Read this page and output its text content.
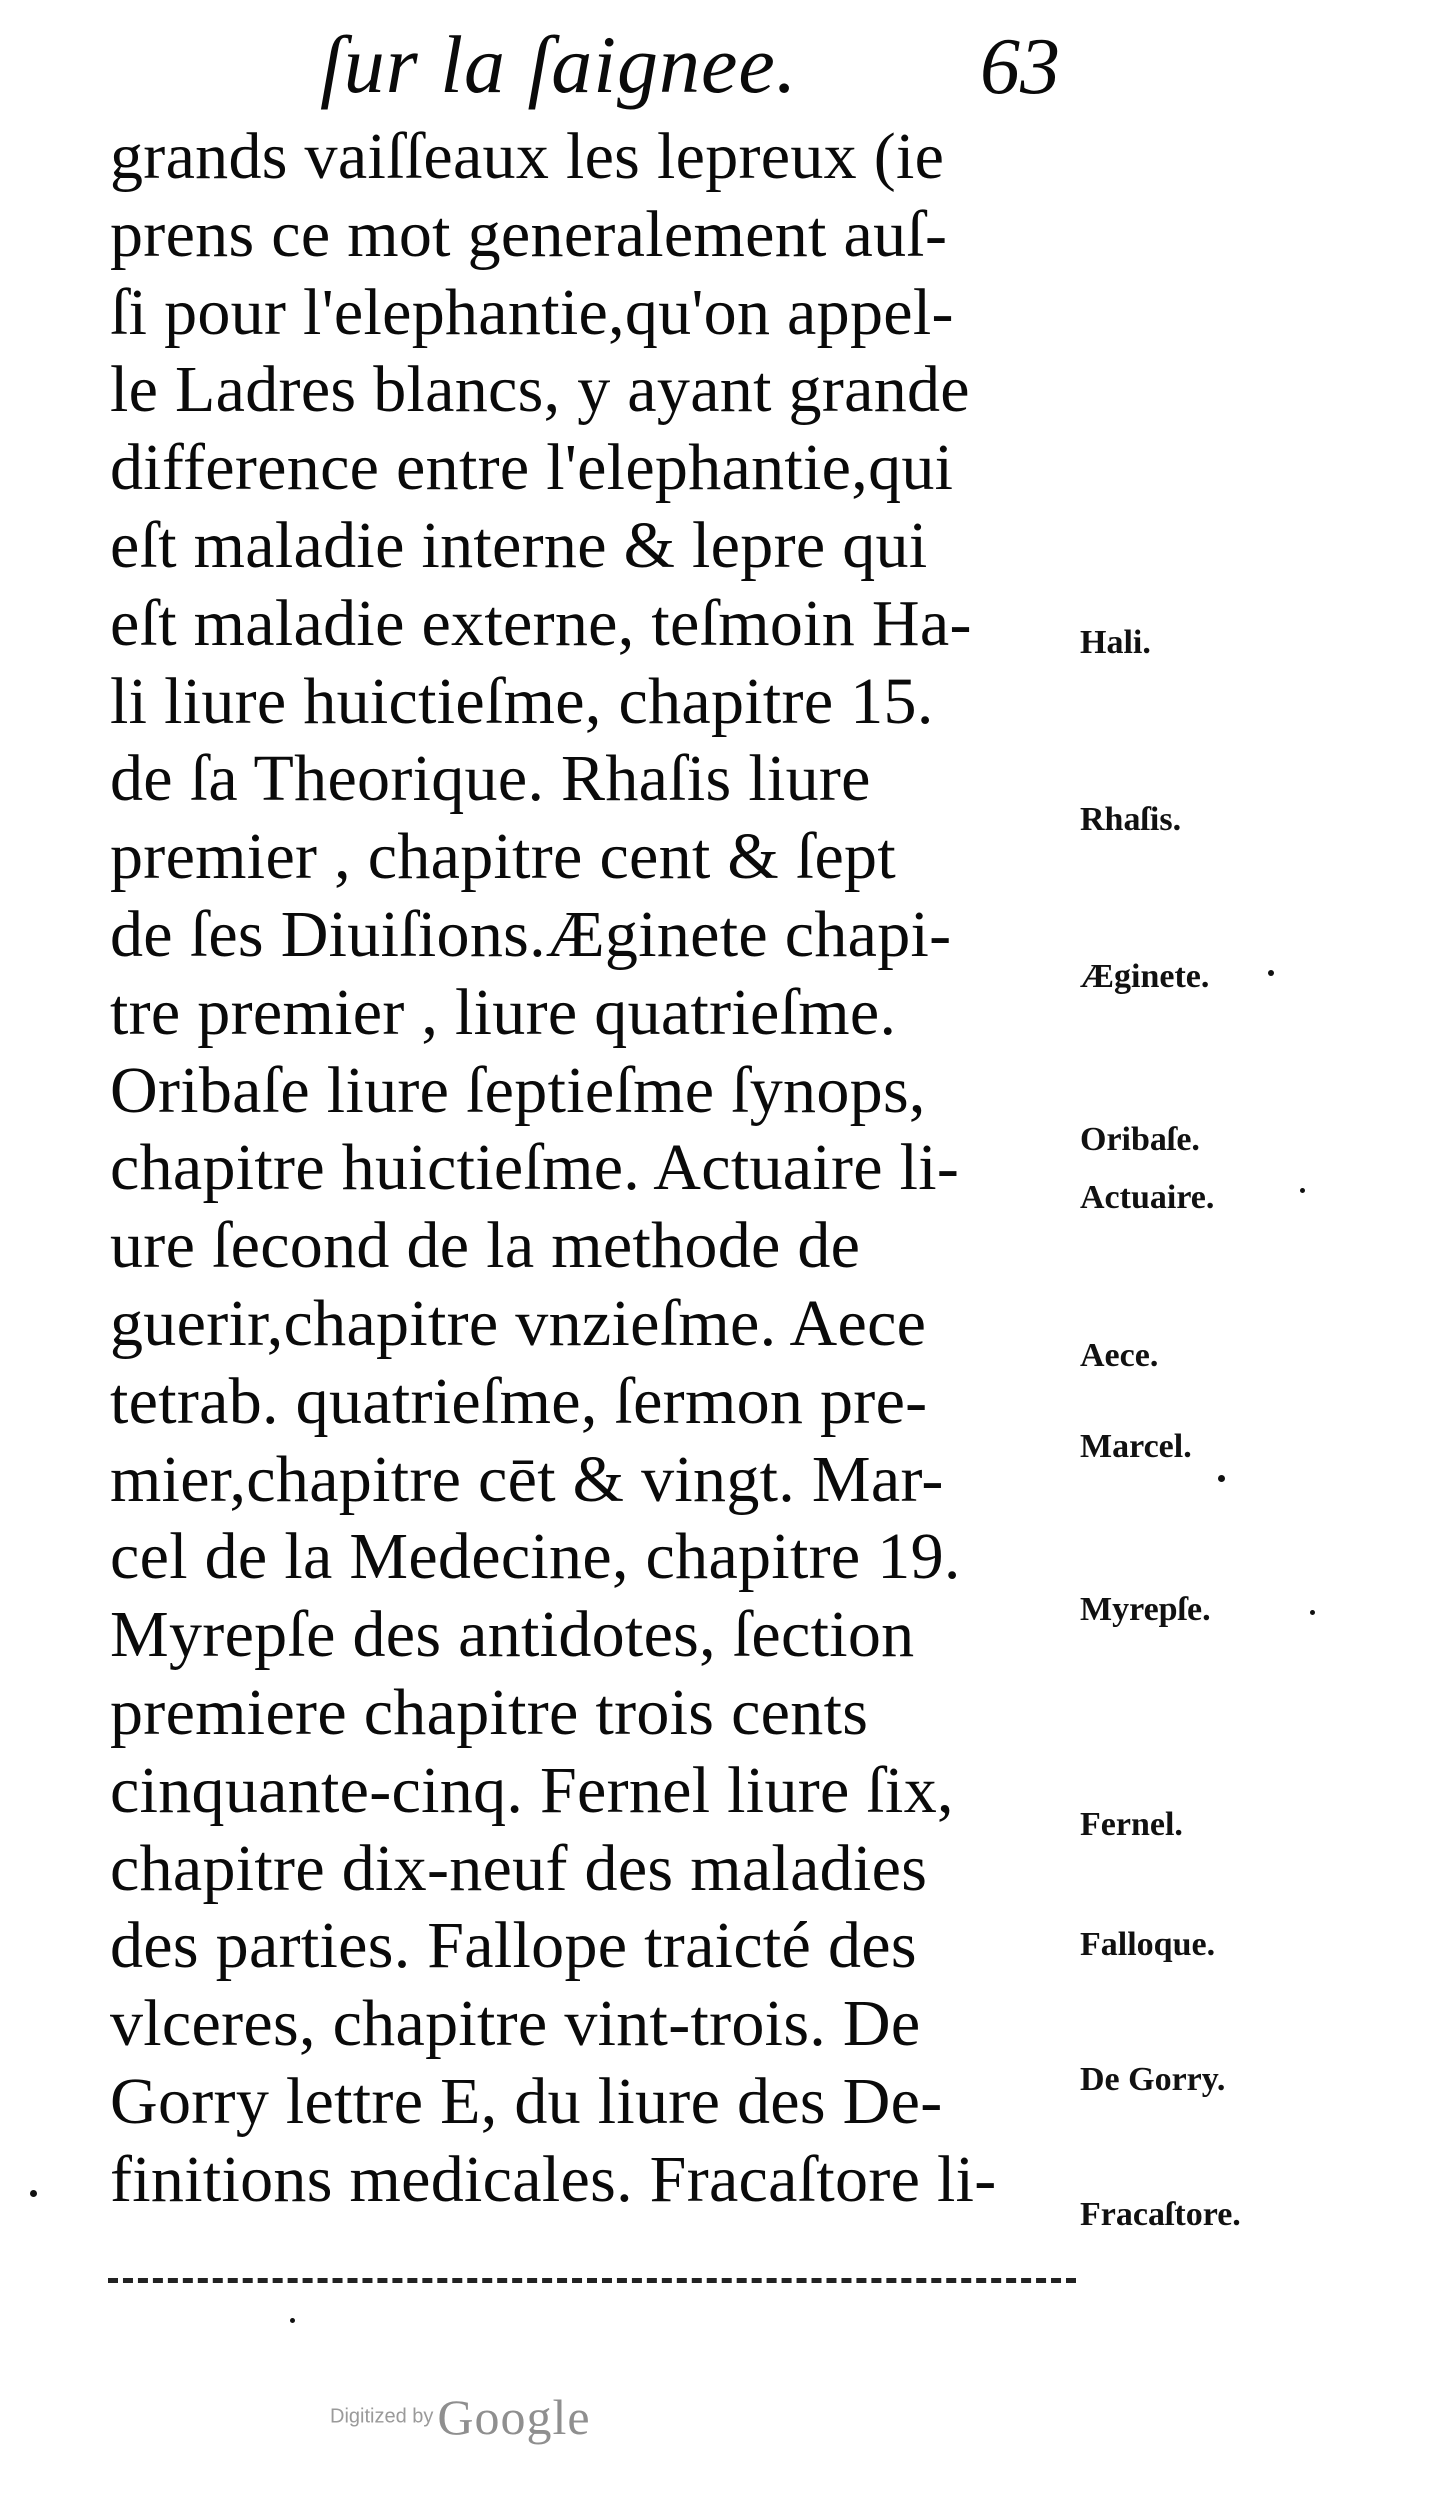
ſur la ſaignee. 63
grands vaiſſeaux les lepreux (ie
prens ce mot generalement auſ-
ſi pour l'elephantie,qu'on appel-
le Ladres blancs, y ayant grande
difference entre l'elephantie,qui
eſt maladie interne & lepre qui
eſt maladie externe, teſmoin Ha-
li liure huictieſme, chapitre 15.
de ſa Theorique. Rhaſis liure
premier , chapitre cent & ſept
de ſes Diuiſions.Æginete chapi-
tre premier , liure quatrieſme.
Oribaſe liure ſeptieſme ſynops,
chapitre huictieſme. Actuaire li-
ure ſecond de la methode de
guerir,chapitre vnzieſme. Aece
tetrab. quatrieſme, ſermon pre-
mier,chapitre cēt & vingt. Mar-
cel de la Medecine, chapitre 19.
Myrepſe des antidotes, ſection
premiere chapitre trois cents
cinquante-cinq. Fernel liure ſix,
chapitre dix-neuf des maladies
des parties. Fallope traicté des
vlceres, chapitre vint-trois. De
Gorry lettre E, du liure des De-
finitions medicales. Fracaſtore li-
Hali.
Rhaſis.
Æginete.
Oribaſe.
Actuaire.
Aece.
Marcel.
Myrepſe.
Fernel.
Falloque.
De Gorry.
Fracaſtore.
Digitized by Google
